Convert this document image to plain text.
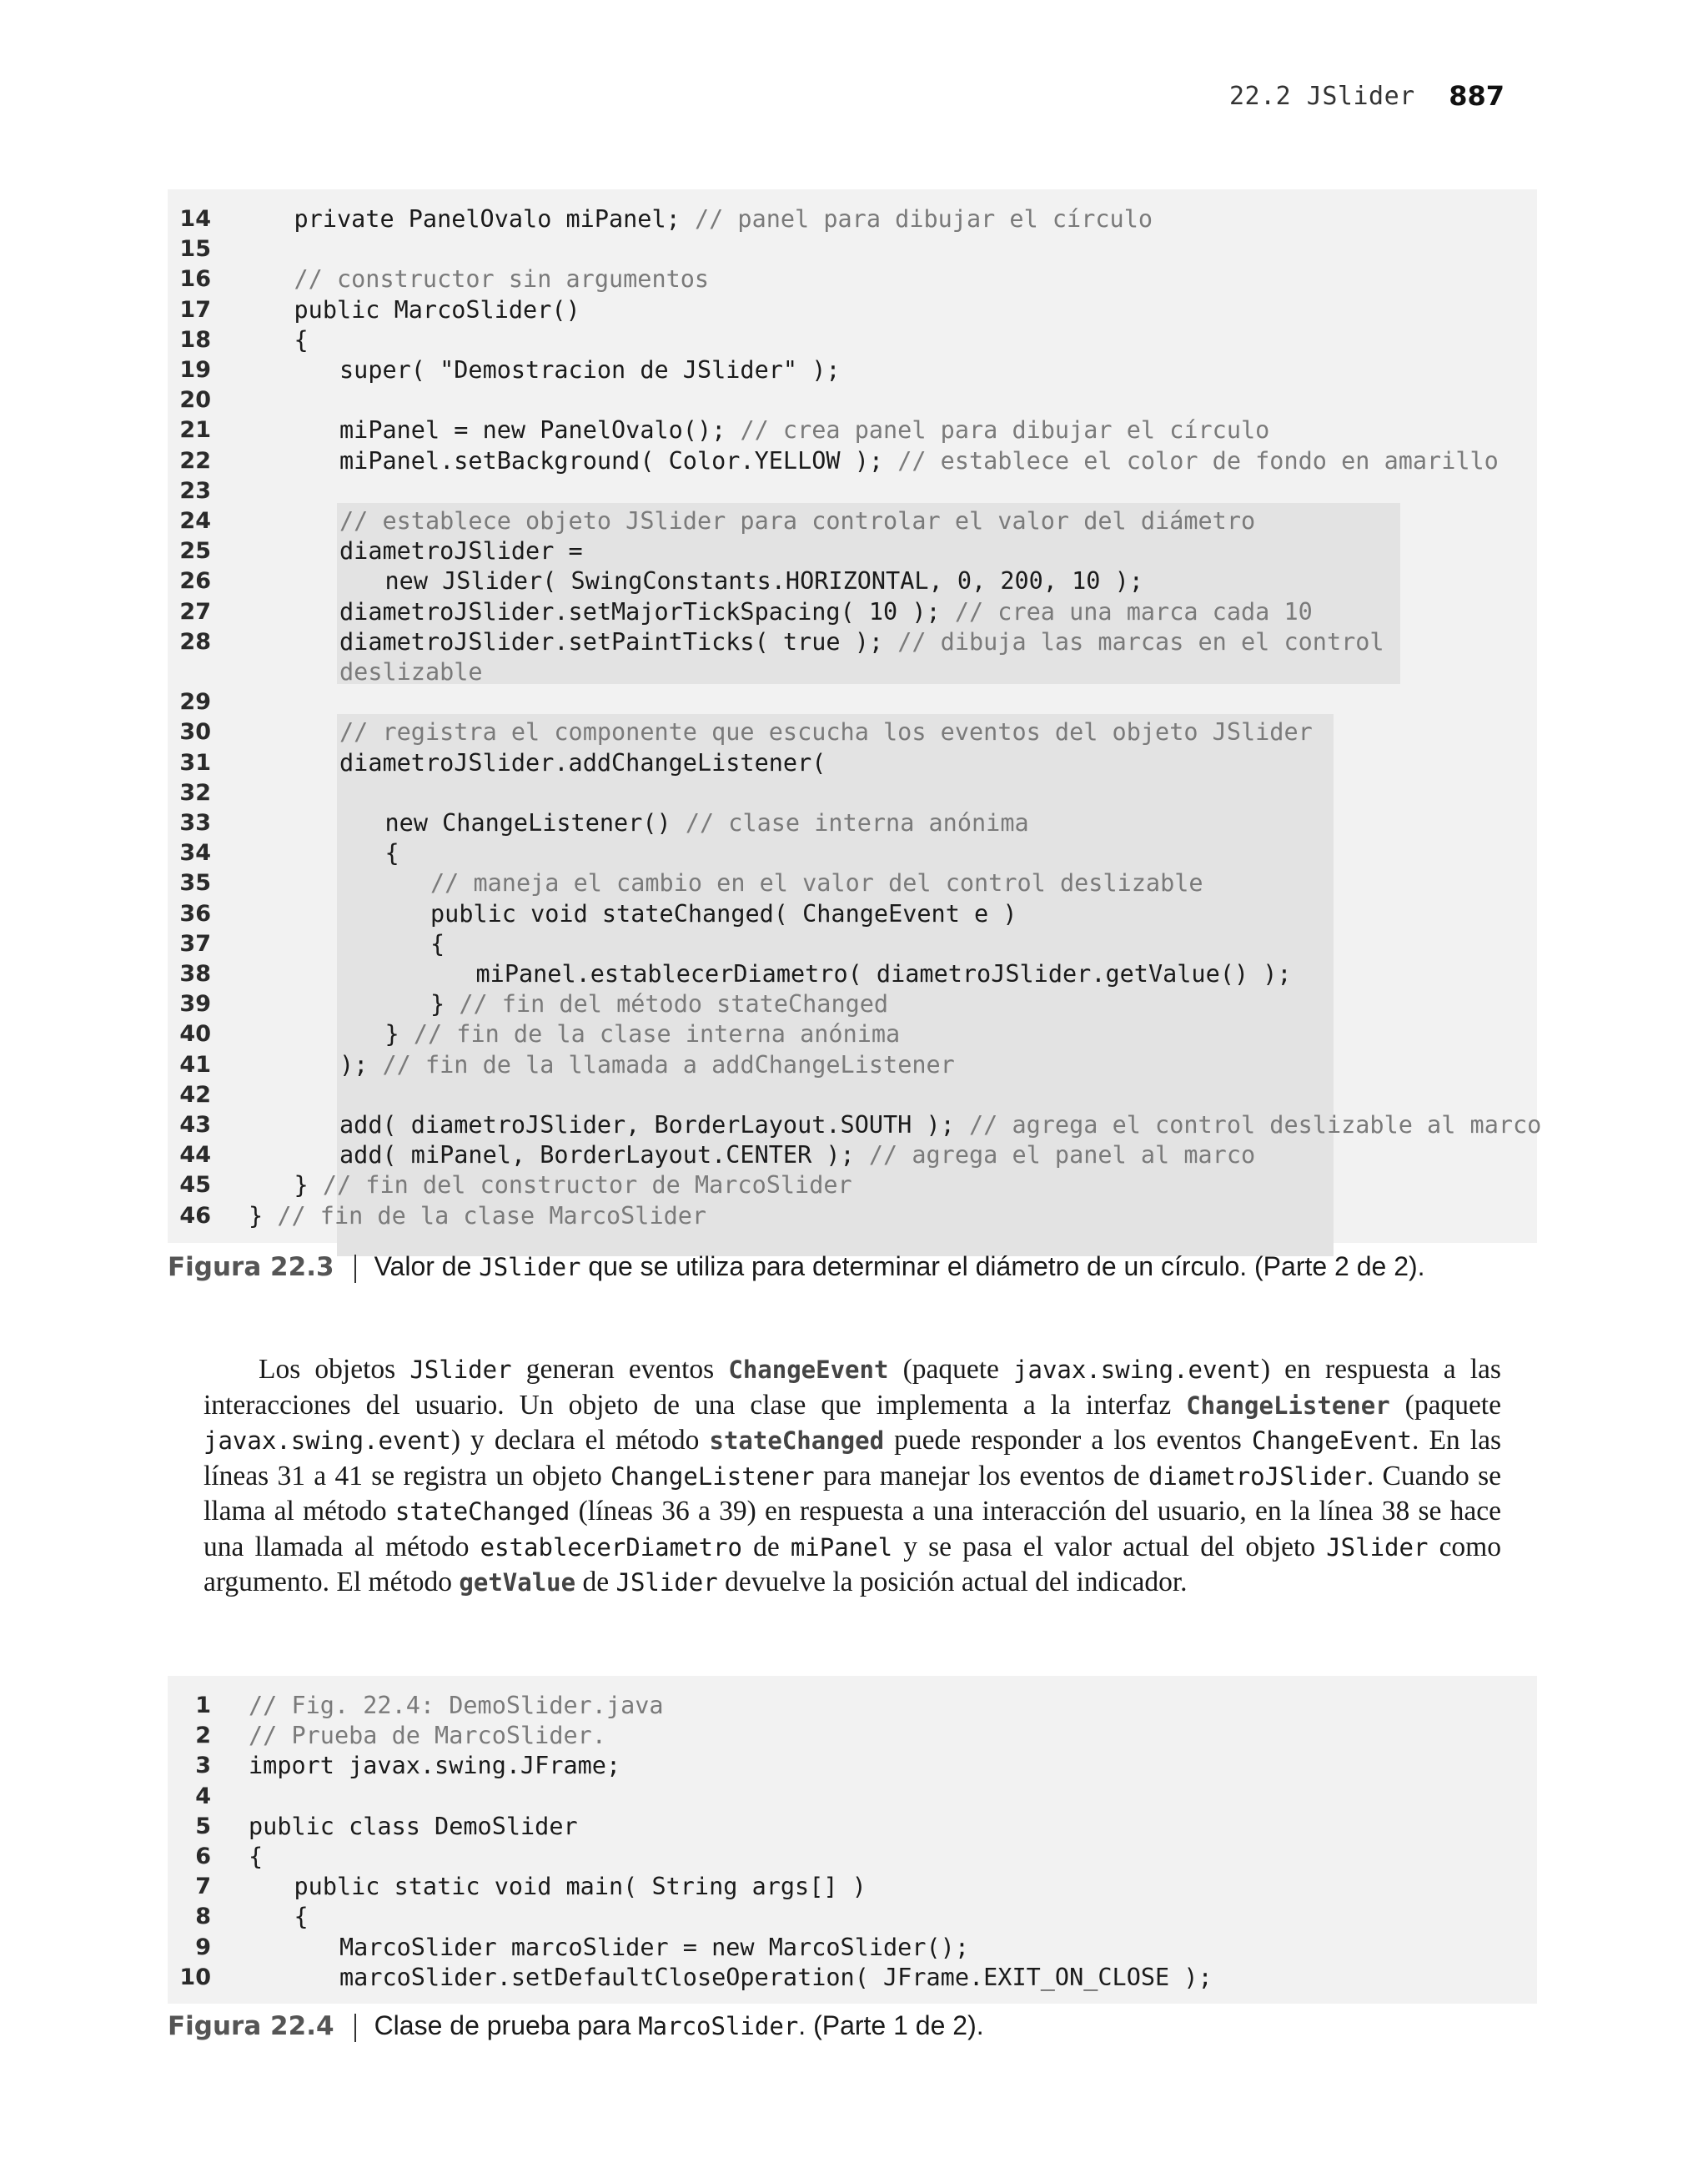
22.2 JSlider 887
14	private PanelOvalo miPanel; // panel para dibujar el círculo
15
16	// constructor sin argumentos
17	public MarcoSlider()
18	{
19	super( "Demostracion de JSlider" );
20
21	miPanel = new PanelOvalo(); // crea panel para dibujar el círculo
22	miPanel.setBackground( Color.YELLOW ); // establece el color de fondo en amarillo
23
24	// establece objeto JSlider para controlar el valor del diámetro
25	diametroJSlider =
26	new JSlider( SwingConstants.HORIZONTAL, 0, 200, 10 );
27	diametroJSlider.setMajorTickSpacing( 10 ); // crea una marca cada 10
28	diametroJSlider.setPaintTicks( true ); // dibuja las marcas en el control
deslizable
29
30	// registra el componente que escucha los eventos del objeto JSlider
31	diametroJSlider.addChangeListener(
32
33	new ChangeListener() // clase interna anónima
34	{
35	// maneja el cambio en el valor del control deslizable
36	public void stateChanged( ChangeEvent e )
37	{
38	miPanel.establecerDiametro( diametroJSlider.getValue() );
39	} // fin del método stateChanged
40	} // fin de la clase interna anónima
41	); // fin de la llamada a addChangeListener
42
43	add( diametroJSlider, BorderLayout.SOUTH ); // agrega el control deslizable al marco
44	add( miPanel, BorderLayout.CENTER ); // agrega el panel al marco
45	} // fin del constructor de MarcoSlider
46 } // fin de la clase MarcoSlider
Figura 22.3 Valor de JSlider que se utiliza para determinar el diámetro de un círculo. (Parte 2 de 2).

Los objetos JSlider generan eventos ChangeEvent (paquete javax.swing.event) en respuesta a las interacciones del usuario. Un objeto de una clase que implementa a la interfaz ChangeListener (paquete javax.swing.event) y declara el método stateChanged puede responder a los eventos ChangeEvent. En las líneas 31 a 41 se registra un objeto ChangeListener para manejar los eventos de diametroJSlider. Cuando se llama al método stateChanged (líneas 36 a 39) en respuesta a una interacción del usuario, en la línea 38 se hace una llamada al método establecerDiametro de miPanel y se pasa el valor actual del objeto JSlider como argumento. El método getValue de JSlider devuelve la posición actual del indicador.

1 // Fig. 22.4: DemoSlider.java
2 // Prueba de MarcoSlider.
3 import javax.swing.JFrame;
4
5 public class DemoSlider
6 {
7	public static void main( String args[] )
8	{
9	MarcoSlider marcoSlider = new MarcoSlider();
10	marcoSlider.setDefaultCloseOperation( JFrame.EXIT_ON_CLOSE );
Figura 22.4 Clase de prueba para MarcoSlider. (Parte 1 de 2).
